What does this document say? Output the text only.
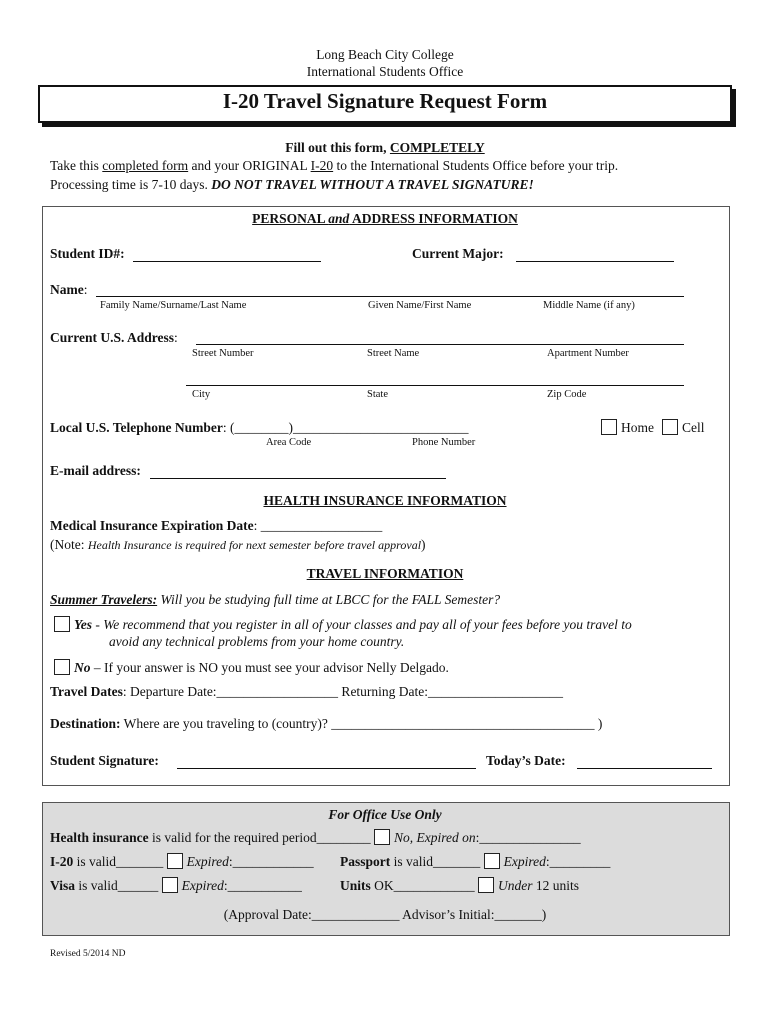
Long Beach City College
International Students Office
I-20 Travel Signature Request Form
Fill out this form, COMPLETELY
Take this completed form and your ORIGINAL I-20 to the International Students Office before your trip.
Processing time is 7-10 days. DO NOT TRAVEL WITHOUT A TRAVEL SIGNATURE!
PERSONAL and ADDRESS INFORMATION
Student ID#:	Current Major:
Name:
Family Name/Surname/Last Name	Given Name/First Name	Middle Name (if any)
Current U.S. Address:
Street Number	Street Name	Apartment Number
City	State	Zip Code
Local U.S. Telephone Number: (________)__________________________	Home	Cell
Area Code	Phone Number
E-mail address:
HEALTH INSURANCE INFORMATION
Medical Insurance Expiration Date: __________________
(Note: Health Insurance is required for next semester before travel approval)
TRAVEL INFORMATION
Summer Travelers: Will you be studying full time at LBCC for the FALL Semester?
Yes - We recommend that you register in all of your classes and pay all of your fees before you travel to
avoid any technical problems from your home country.
No – If your answer is NO you must see your advisor Nelly Delgado.
Travel Dates: Departure Date:__________________ Returning Date:____________________
Destination: Where are you traveling to (country)? _______________________________________ )
Student Signature:	Today’s Date:
For Office Use Only
Health insurance is valid for the required period________ No, Expired on:_______________
I-20 is valid_______ Expired:____________ Passport is valid_______ Expired:_________
Visa is valid______ Expired:___________	Units OK____________ Under 12 units
(Approval Date:_____________ Advisor’s Initial:_______)
Revised 5/2014 ND
